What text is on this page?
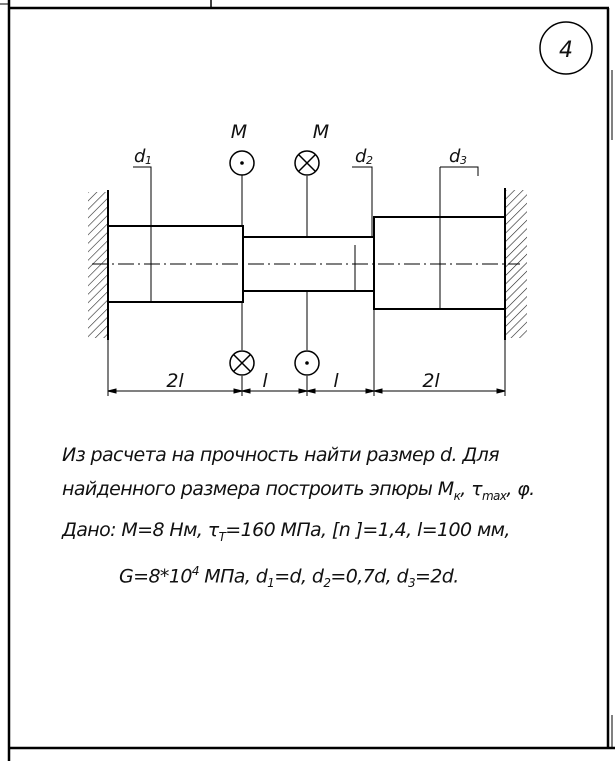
4
M	M
d 1	d 2	d 3
2l	l	l	2l
Из расчета на прочность найти размер d. Для
найденного размера построить эпюры $M_к$, $\tau_{max}$, φ.
Дано: M=8 Нм, $\tau_Т=160$ МПа, [n ]=1,4, l=100 мм,
$G=8*10^4$ МПа, $d_1=d$, $d_2=0,7d$, $d_3=2d$.
